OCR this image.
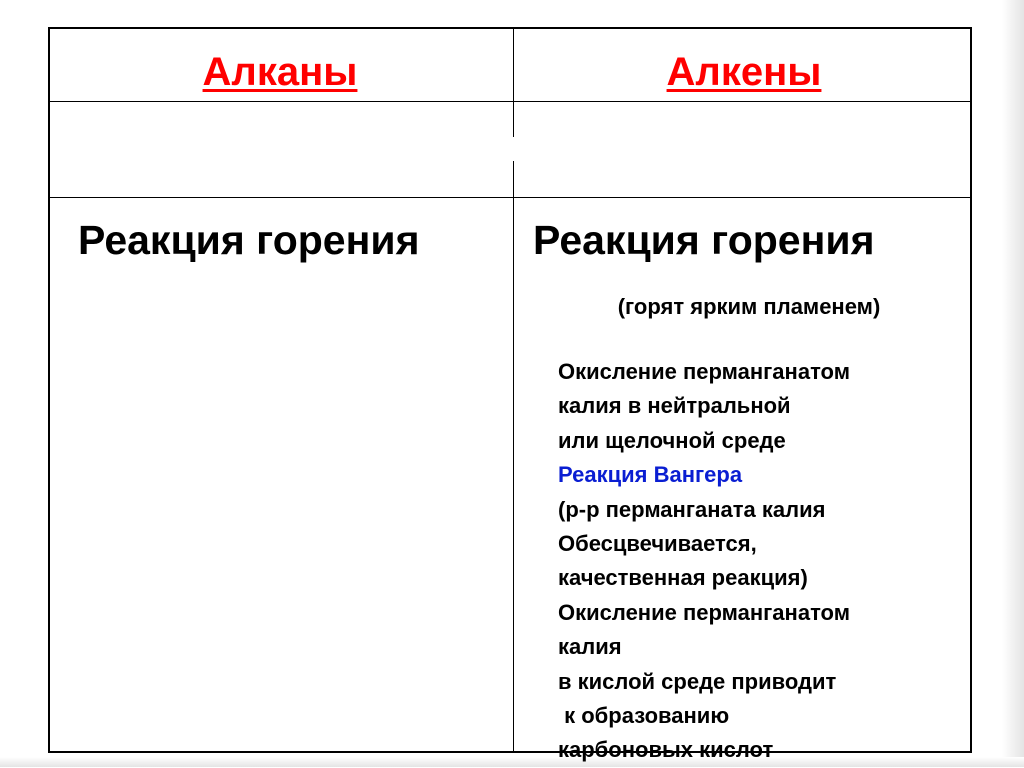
Алканы	Алкены
Реакция горения	Реакция горения
(горят ярким пламенем)
Окисление перманганатом
калия в нейтральной
или щелочной среде
Реакция Вангера
(р-р перманганата калия
Обесцвечивается,
качественная реакция)
Окисление перманганатом
калия
в кислой среде приводит
к образованию
карбоновых кислот
